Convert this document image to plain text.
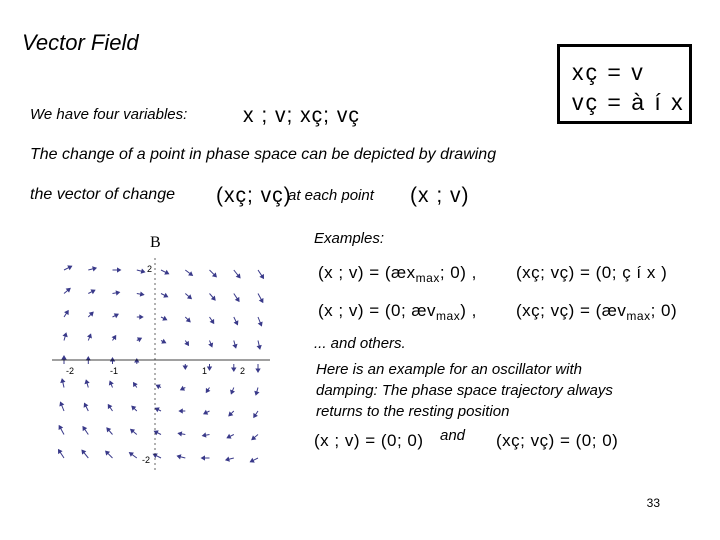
Vector Field
xç = v
vç = à í x
We have four variables:	x ; v; xç; vç
The change of a point in phase space can be depicted by drawing
the vector of change (xç; vç)
at each point (x ; v)
B
-2	2
-1	1
2
-2
Examples:
(x ; $v) = (æx_{max}$; 0) , (xç; vç) = (0; ç í x )
(x ; v) = (0; $æv_{max}$) , (xç; vç) = ($æv_{max}$; 0)
... and others.
Here is an example for an oscillator with
damping: The phase space trajectory always
returns to the resting position
(x ; v) = (0; 0) and (xç; vç) = (0; 0)
33
